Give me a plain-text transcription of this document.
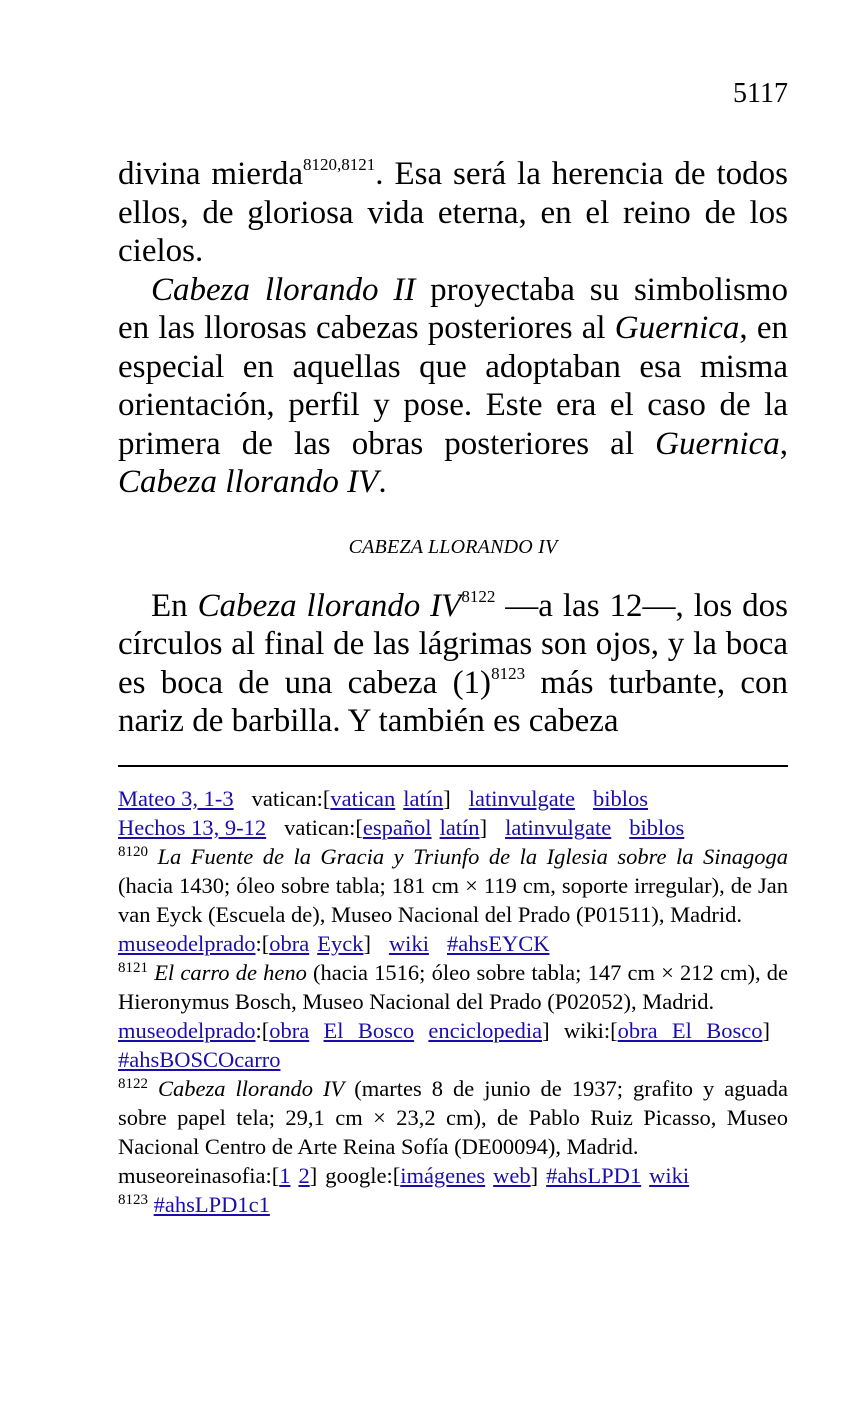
5117

divina mierda$^{8120,8121}$. Esa será la herencia de todos ellos, de gloriosa vida eterna, en el reino de los cielos.

Cabeza llorando II proyectaba su simbolismo en las llorosas cabezas posteriores al Guernica, en especial en aquellas que adoptaban esa misma orientación, perfil y pose. Este era el caso de la primera de las obras posteriores al Guernica, Cabeza llorando IV.

CABEZA LLORANDO IV

En Cabeza llorando $IV^{8122}$ —a las 12—, los dos círculos al final de las lágrimas son ojos, y la boca es boca de una cabeza $(1)^{8123}$ más turbante, con nariz de barbilla. Y también es cabeza

Mateo 3, 1-3 vatican:[vatican latín] latinvulgate biblos

Hechos 13, 9-12 vatican:[español latín] latinvulgate biblos

$^{8120}$ La Fuente de la Gracia y Triunfo de la Iglesia sobre la Sinagoga (hacia 1430; óleo sobre tabla; 181 cm × 119 cm, soporte irregular), de Jan van Eyck (Escuela de), Museo Nacional del Prado (P01511), Madrid.

museodelprado:[obra Eyck] wiki #ahsEYCK

$^{8121}$ El carro de heno (hacia 1516; óleo sobre tabla; 147 cm × 212 cm), de Hieronymus Bosch, Museo Nacional del Prado (P02052), Madrid.

museodelprado:[obra El Bosco enciclopedia] wiki:[obra El Bosco]#ahsBOSCOcarro

$^{8122}$ Cabeza llorando IV (martes 8 de junio de 1937; grafito y aguada sobre papel tela; 29,1 cm × 23,2 cm), de Pablo Ruiz Picasso, Museo Nacional Centro de Arte Reina Sofía (DE00094), Madrid.

museoreinasofia:[1 2] google:[imágenes web] #ahsLPD1 wiki

$^{8123}$ #ahsLPD1c1
